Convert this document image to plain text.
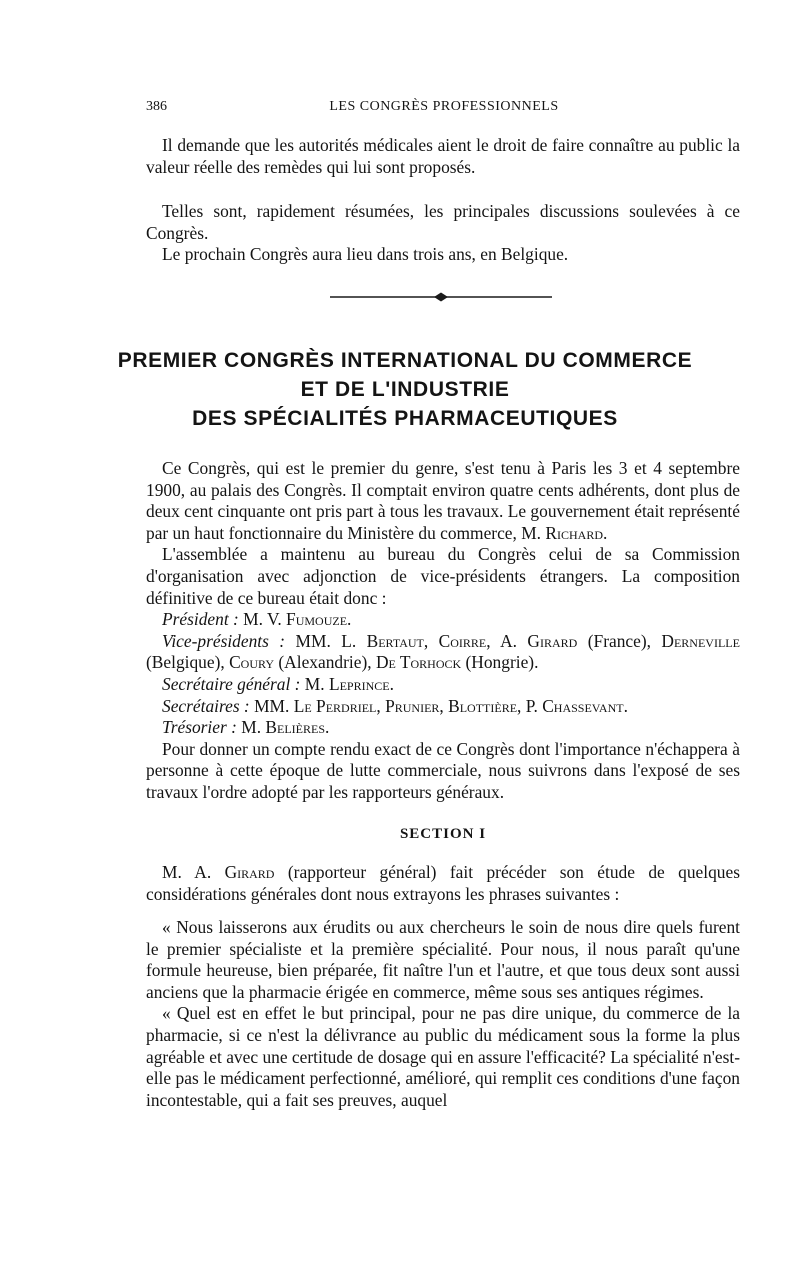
386	LES CONGRÈS PROFESSIONNELS

Il demande que les autorités médicales aient le droit de faire connaître au public la valeur réelle des remèdes qui lui sont proposés.

Telles sont, rapidement résumées, les principales discussions soulevées à ce Congrès.

Le prochain Congrès aura lieu dans trois ans, en Belgique.

PREMIER CONGRÈS INTERNATIONAL DU COMMERCE
ET DE L'INDUSTRIE
DES SPÉCIALITÉS PHARMACEUTIQUES

Ce Congrès, qui est le premier du genre, s'est tenu à Paris les 3 et 4 septembre 1900, au palais des Congrès. Il comptait environ quatre cents adhérents, dont plus de deux cent cinquante ont pris part à tous les travaux. Le gouvernement était représenté par un haut fonctionnaire du Ministère du commerce, M. Richard.

L'assemblée a maintenu au bureau du Congrès celui de sa Commission d'organisation avec adjonction de vice-présidents étrangers. La composition définitive de ce bureau était donc :

Président : M. V. Fumouze.

Vice-présidents : MM. L. Bertaut, Coirre, A. Girard (France), Derneville (Belgique), Coury (Alexandrie), De Torhock (Hongrie).

Secrétaire général : M. Leprince.

Secrétaires : MM. Le Perdriel, Prunier, Blottière, P. Chassevant.

Trésorier : M. Belières.

Pour donner un compte rendu exact de ce Congrès dont l'importance n'échappera à personne à cette époque de lutte commerciale, nous suivrons dans l'exposé de ses travaux l'ordre adopté par les rapporteurs généraux.

SECTION I

M. A. Girard (rapporteur général) fait précéder son étude de quelques considérations générales dont nous extrayons les phrases suivantes :

« Nous laisserons aux érudits ou aux chercheurs le soin de nous dire quels furent le premier spécialiste et la première spécialité. Pour nous, il nous paraît qu'une formule heureuse, bien préparée, fit naître l'un et l'autre, et que tous deux sont aussi anciens que la pharmacie érigée en commerce, même sous ses antiques régimes.

« Quel est en effet le but principal, pour ne pas dire unique, du commerce de la pharmacie, si ce n'est la délivrance au public du médicament sous la forme la plus agréable et avec une certitude de dosage qui en assure l'efficacité? La spécialité n'est-elle pas le médicament perfectionné, amélioré, qui remplit ces conditions d'une façon incontestable, qui a fait ses preuves, auquel
